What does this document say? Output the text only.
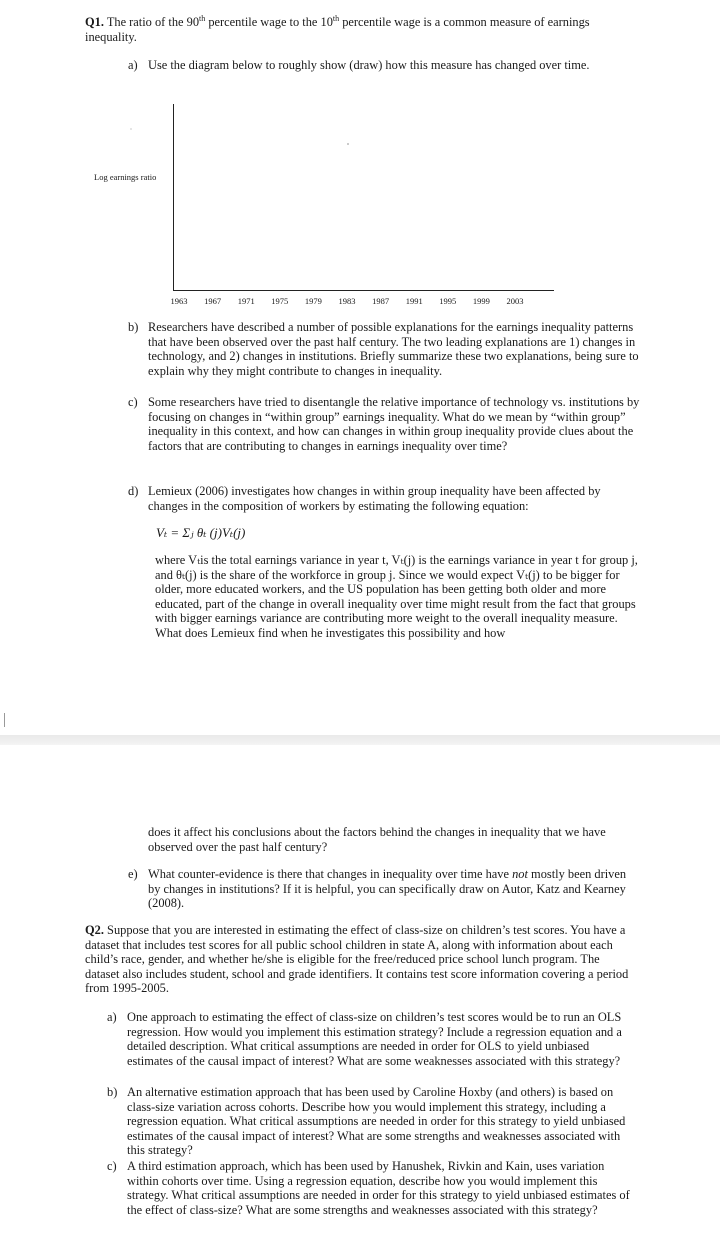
Q1. The ratio of the 90th percentile wage to the 10th percentile wage is a common measure of earnings inequality.

a) Use the diagram below to roughly show (draw) how this measure has changed over time.

Log earnings ratio
1963	1967	1971	1975	1979	1983	1987	1991	1995	1999	2003
b) Researchers have described a number of possible explanations for the earnings inequality patterns that have been observed over the past half century. The two leading explanations are 1) changes in technology, and 2) changes in institutions. Briefly summarize these two explanations, being sure to explain why they might contribute to changes in inequality.

c) Some researchers have tried to disentangle the relative importance of technology vs. institutions by focusing on changes in “within group” earnings inequality. What do we mean by “within group” inequality in this context, and how can changes in within group inequality provide clues about the factors that are contributing to changes in earnings inequality over time?

d) Lemieux (2006) investigates how changes in within group inequality have been affected by changes in the composition of workers by estimating the following equation:

Vₜ = Σⱼ θₜ (j)Vₜ(j)

where Vₜis the total earnings variance in year t, Vₜ(j) is the earnings variance in year t for group j, and θₜ(j) is the share of the workforce in group j. Since we would expect Vₜ(j) to be bigger for older, more educated workers, and the US population has been getting both older and more educated, part of the change in overall inequality over time might result from the fact that groups with bigger earnings variance are contributing more weight to the overall inequality measure. What does Lemieux find when he investigates this possibility and how

does it affect his conclusions about the factors behind the changes in inequality that we have observed over the past half century?

e) What counter-evidence is there that changes in inequality over time have not mostly been driven by changes in institutions? If it is helpful, you can specifically draw on Autor, Katz and Kearney (2008).

Q2. Suppose that you are interested in estimating the effect of class-size on children’s test scores. You have a dataset that includes test scores for all public school children in state A, along with information about each child’s race, gender, and whether he/she is eligible for the free/reduced price school lunch program. The dataset also includes student, school and grade identifiers. It contains test score information covering a period from 1995-2005.

a) One approach to estimating the effect of class-size on children’s test scores would be to run an OLS regression. How would you implement this estimation strategy? Include a regression equation and a detailed description. What critical assumptions are needed in order for OLS to yield unbiased estimates of the causal impact of interest? What are some weaknesses associated with this strategy?

b) An alternative estimation approach that has been used by Caroline Hoxby (and others) is based on class-size variation across cohorts. Describe how you would implement this strategy, including a regression equation. What critical assumptions are needed in order for this strategy to yield unbiased estimates of the causal impact of interest? What are some strengths and weaknesses associated with this strategy?

c) A third estimation approach, which has been used by Hanushek, Rivkin and Kain, uses variation within cohorts over time. Using a regression equation, describe how you would implement this strategy. What critical assumptions are needed in order for this strategy to yield unbiased estimates of the effect of class-size? What are some strengths and weaknesses associated with this strategy?
